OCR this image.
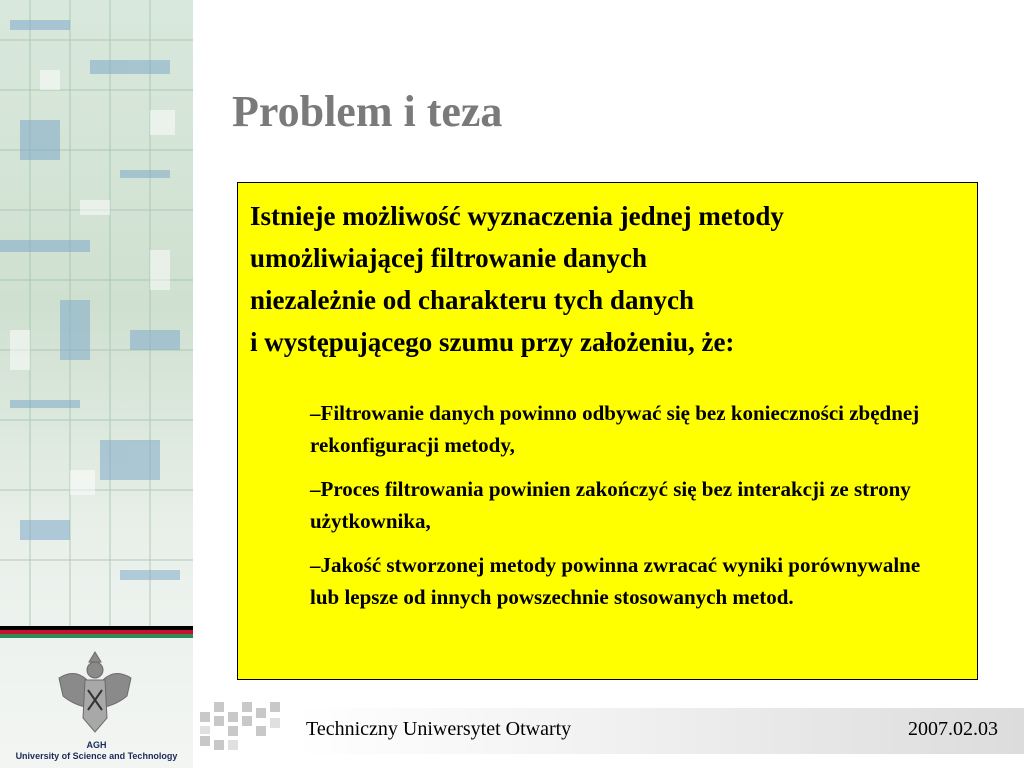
AGH
University of Science and Technology
Problem i teza
Istnieje możliwość wyznaczenia jednej metody
umożliwiającej filtrowanie danych
niezależnie od charakteru tych danych
i występującego szumu przy założeniu, że:
–Filtrowanie danych powinno odbywać się bez konieczności zbędnej rekonfiguracji metody,
–Proces filtrowania powinien zakończyć się bez interakcji ze strony użytkownika,
–Jakość stworzonej metody powinna zwracać wyniki porównywalne lub lepsze od innych powszechnie stosowanych metod.
Techniczny Uniwersytet Otwarty	2007.02.03
